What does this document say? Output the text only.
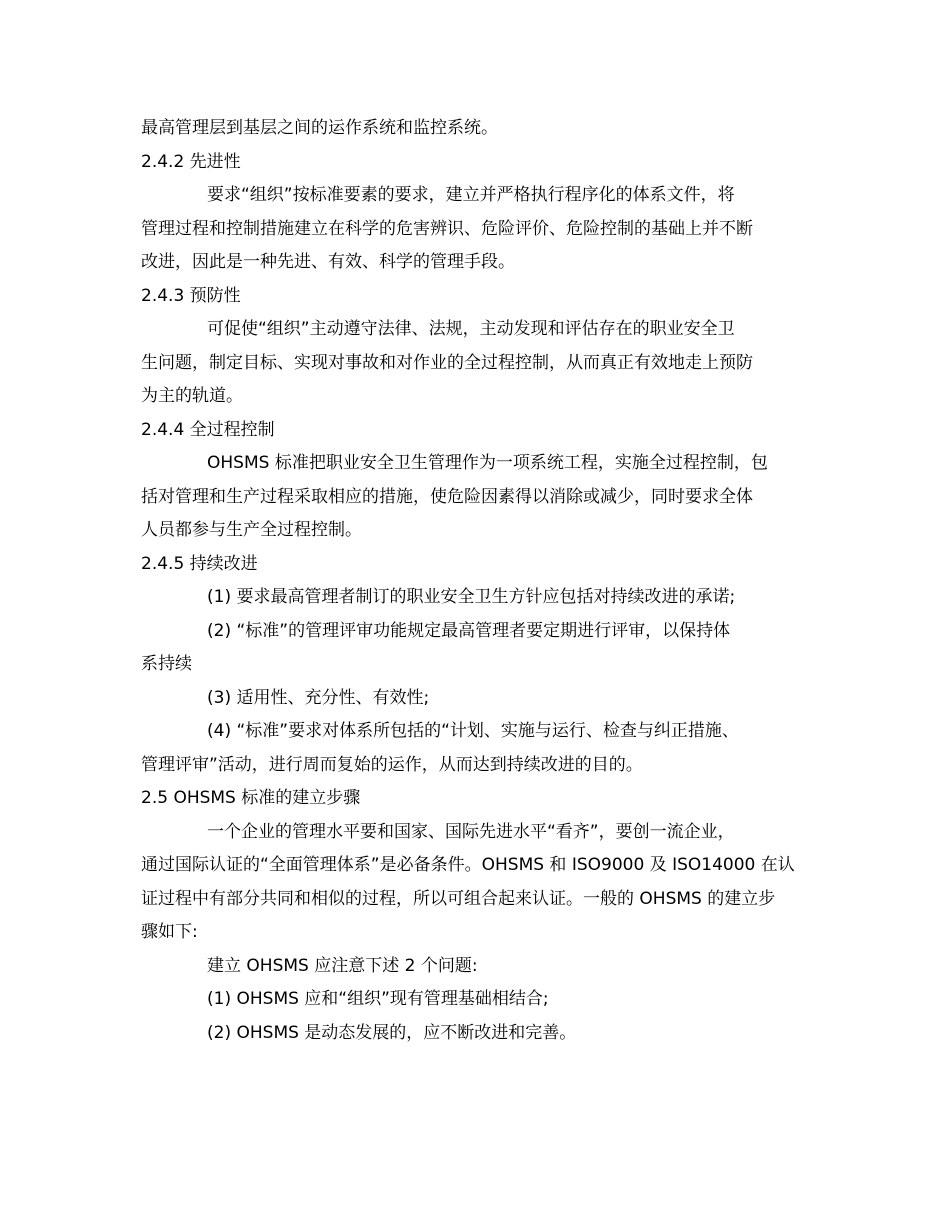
最高管理层到基层之间的运作系统和监控系统。
2.4.2 先进性
要求“组织”按标准要素的要求，建立并严格执行程序化的体系文件，将
管理过程和控制措施建立在科学的危害辨识、危险评价、危险控制的基础上并不断
改进，因此是一种先进、有效、科学的管理手段。
2.4.3 预防性
可促使“组织”主动遵守法律、法规，主动发现和评估存在的职业安全卫
生问题，制定目标、实现对事故和对作业的全过程控制，从而真正有效地走上预防
为主的轨道。
2.4.4 全过程控制
OHSMS 标准把职业安全卫生管理作为一项系统工程，实施全过程控制，包
括对管理和生产过程采取相应的措施，使危险因素得以消除或减少，同时要求全体
人员都参与生产全过程控制。
2.4.5 持续改进
(1) 要求最高管理者制订的职业安全卫生方针应包括对持续改进的承诺;
(2) “标准”的管理评审功能规定最高管理者要定期进行评审，以保持体
系持续
(3) 适用性、充分性、有效性;
(4) “标准”要求对体系所包括的“计划、实施与运行、检查与纠正措施、
管理评审”活动，进行周而复始的运作，从而达到持续改进的目的。
2.5 OHSMS 标准的建立步骤
一个企业的管理水平要和国家、国际先进水平“看齐”，要创一流企业，
通过国际认证的“全面管理体系”是必备条件。OHSMS 和 ISO9000 及 ISO14000 在认
证过程中有部分共同和相似的过程，所以可组合起来认证。一般的 OHSMS 的建立步
骤如下:
建立 OHSMS 应注意下述 2 个问题:
(1) OHSMS 应和“组织”现有管理基础相结合;
(2) OHSMS 是动态发展的，应不断改进和完善。
